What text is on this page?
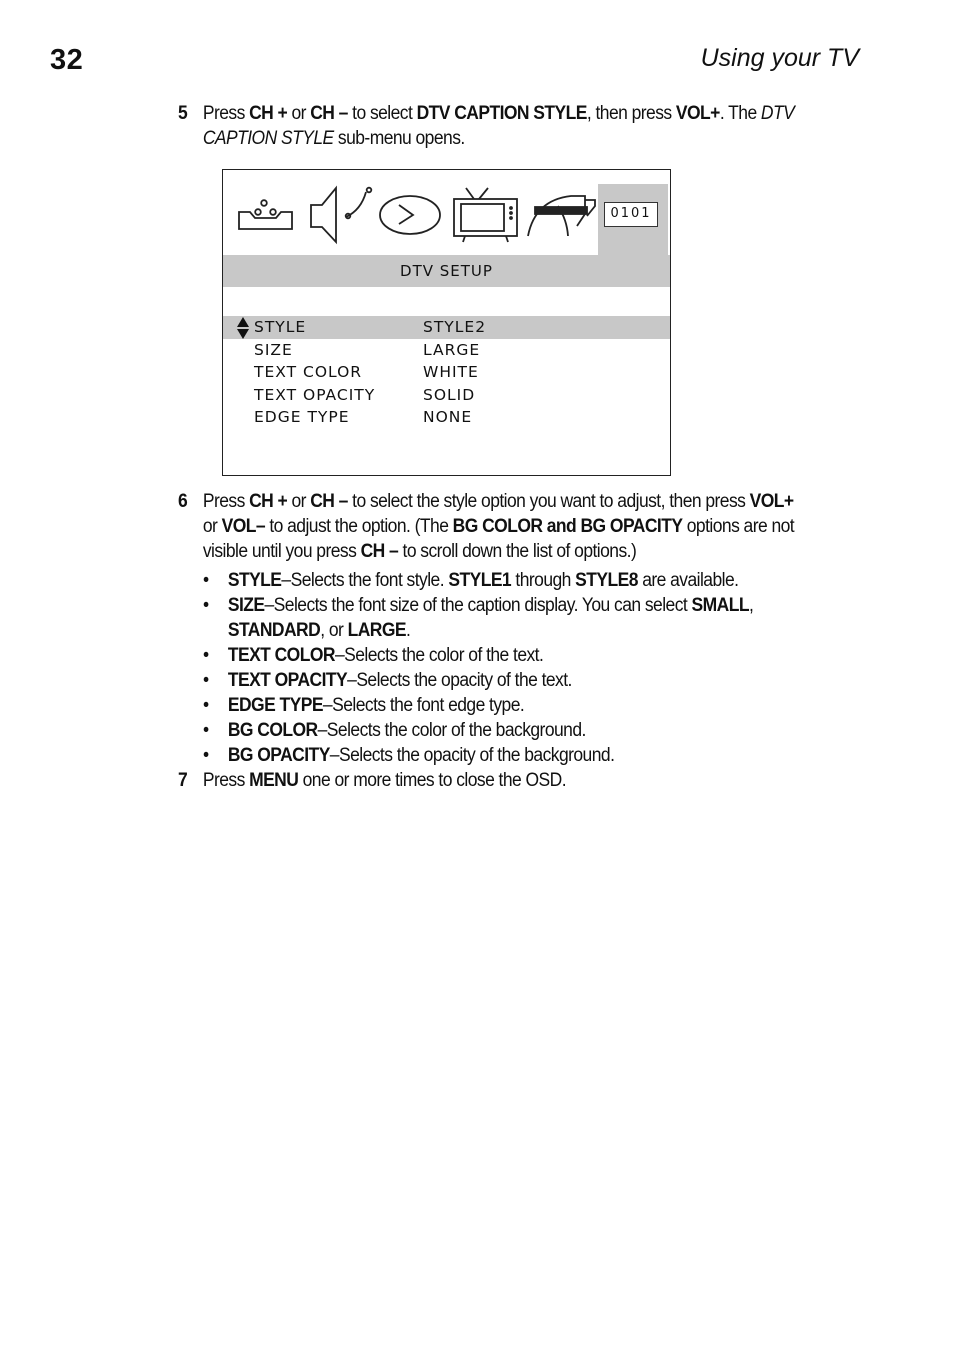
32	Using your TV
5 Press CH + or CH – to select DTV CAPTION STYLE, then press VOL+. The DTV CAPTION STYLE sub-menu opens.
0101
DTV SETUP
STYLE	STYLE2
SIZE	LARGE
TEXT COLOR	WHITE
TEXT OPACITY	SOLID
EDGE TYPE	NONE
6 Press CH + or CH – to select the style option you want to adjust, then press VOL+ or VOL– to adjust the option. (The BG COLOR and BG OPACITY options are not visible until you press CH – to scroll down the list of options.)
• STYLE–Selects the font style. STYLE1 through STYLE8 are available.
• SIZE–Selects the font size of the caption display. You can select SMALL, STANDARD, or LARGE.
• TEXT COLOR–Selects the color of the text.
• TEXT OPACITY–Selects the opacity of the text.
• EDGE TYPE–Selects the font edge type.
• BG COLOR–Selects the color of the background.
• BG OPACITY–Selects the opacity of the background.
7 Press MENU one or more times to close the OSD.
